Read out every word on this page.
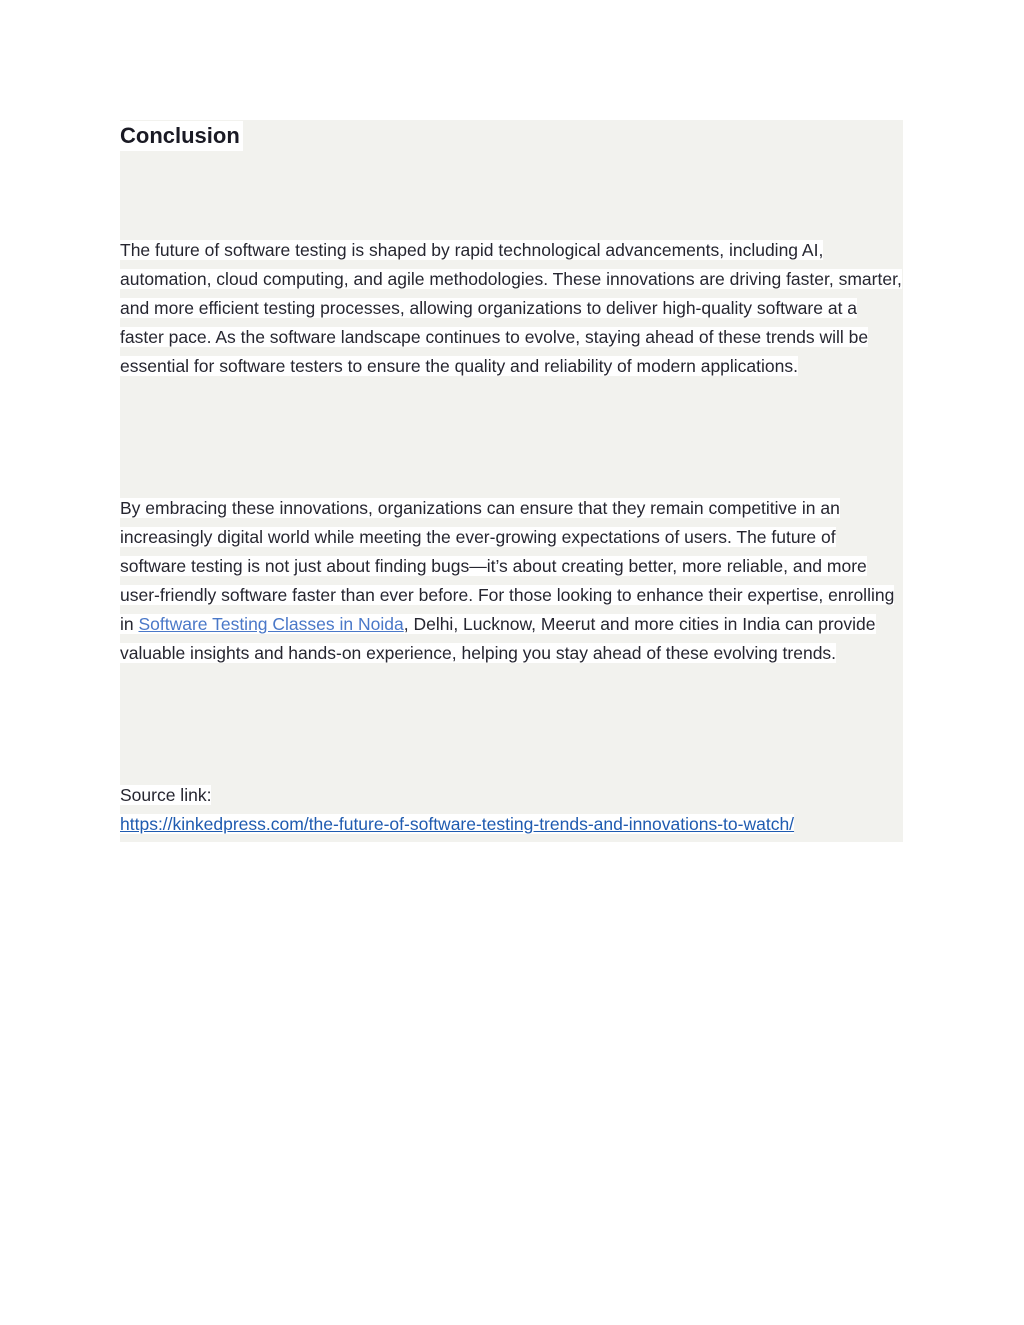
Conclusion

The future of software testing is shaped by rapid technological advancements, including AI, automation, cloud computing, and agile methodologies. These innovations are driving faster, smarter, and more efficient testing processes, allowing organizations to deliver high-quality software at a faster pace. As the software landscape continues to evolve, staying ahead of these trends will be essential for software testers to ensure the quality and reliability of modern applications.

By embracing these innovations, organizations can ensure that they remain competitive in an increasingly digital world while meeting the ever-growing expectations of users. The future of software testing is not just about finding bugs—it’s about creating better, more reliable, and more user-friendly software faster than ever before. For those looking to enhance their expertise, enrolling in Software Testing Classes in Noida, Delhi, Lucknow, Meerut and more cities in India can provide valuable insights and hands-on experience, helping you stay ahead of these evolving trends.

Source link:
https://kinkedpress.com/the-future-of-software-testing-trends-and-innovations-to-watch/
